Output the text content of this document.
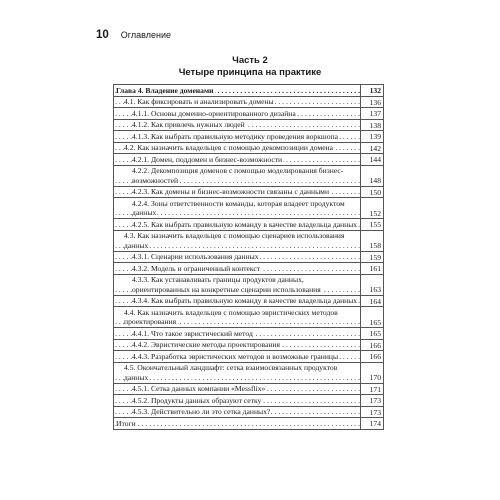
10 Оглавление
Часть 2
Четыре принципа на практике
Глава 4. Владение доменами
. . .	132

4.1. Как фиксировать и анализировать домены
. . .	136

4.1.1. Основы доменно-ориентированного дизайна
. . .	137

4.1.2. Как привлечь нужных людей
. . .	138

4.1.3. Как выбрать правильную методику проведения воркшопа
. . .	139

4.2. Как назначить владельцев с помощью декомпозиции домена
. . .	142

4.2.1. Домен, поддомен и бизнес-возможности
. . .	144

4.2.2. Декомпозиция доменов с помощью моделирования бизнес-возможностей
. . .	148

4.2.3. Как домены и бизнес-возможности связаны с данными
. . .	150

4.2.4. Зоны ответственности команды, которая владеет продуктом данных
. . .	152

4.2.5. Как выбрать правильную команду в качестве владельца данных
. . .	155

4.3. Как назначить владельцев с помощью сценариев использования данных
. . .	158

4.3.1. Сценарии использования данных
. . .	159

4.3.2. Модель и ограниченный контекст
. . .	161

4.3.3. Как устанавливать границы продуктов данных, ориентированных на конкретные сценарии использования
. . .	163

4.3.4. Как выбрать правильную команду в качестве владельца данных
. . .	164

4.4. Как назначить владельцев с помощью эвристических методов проектирования
. . .	165

4.4.1. Что такое эвристический метод
. . .	165

4.4.2. Эвристические методы проектирования
. . .	166

4.4.3. Разработка эвристических методов и возможные границы
. . .	166

4.5. Окончательный ландшафт: сетка взаимосвязанных продуктов данных
. . .	170

4.5.1. Сетка данных компании «Messflix»
. . .	171

4.5.2. Продукты данных образуют сетку
. . .	173

4.5.3. Действительно ли это сетка данных?
. . .	173

Итоги
. . .	174
